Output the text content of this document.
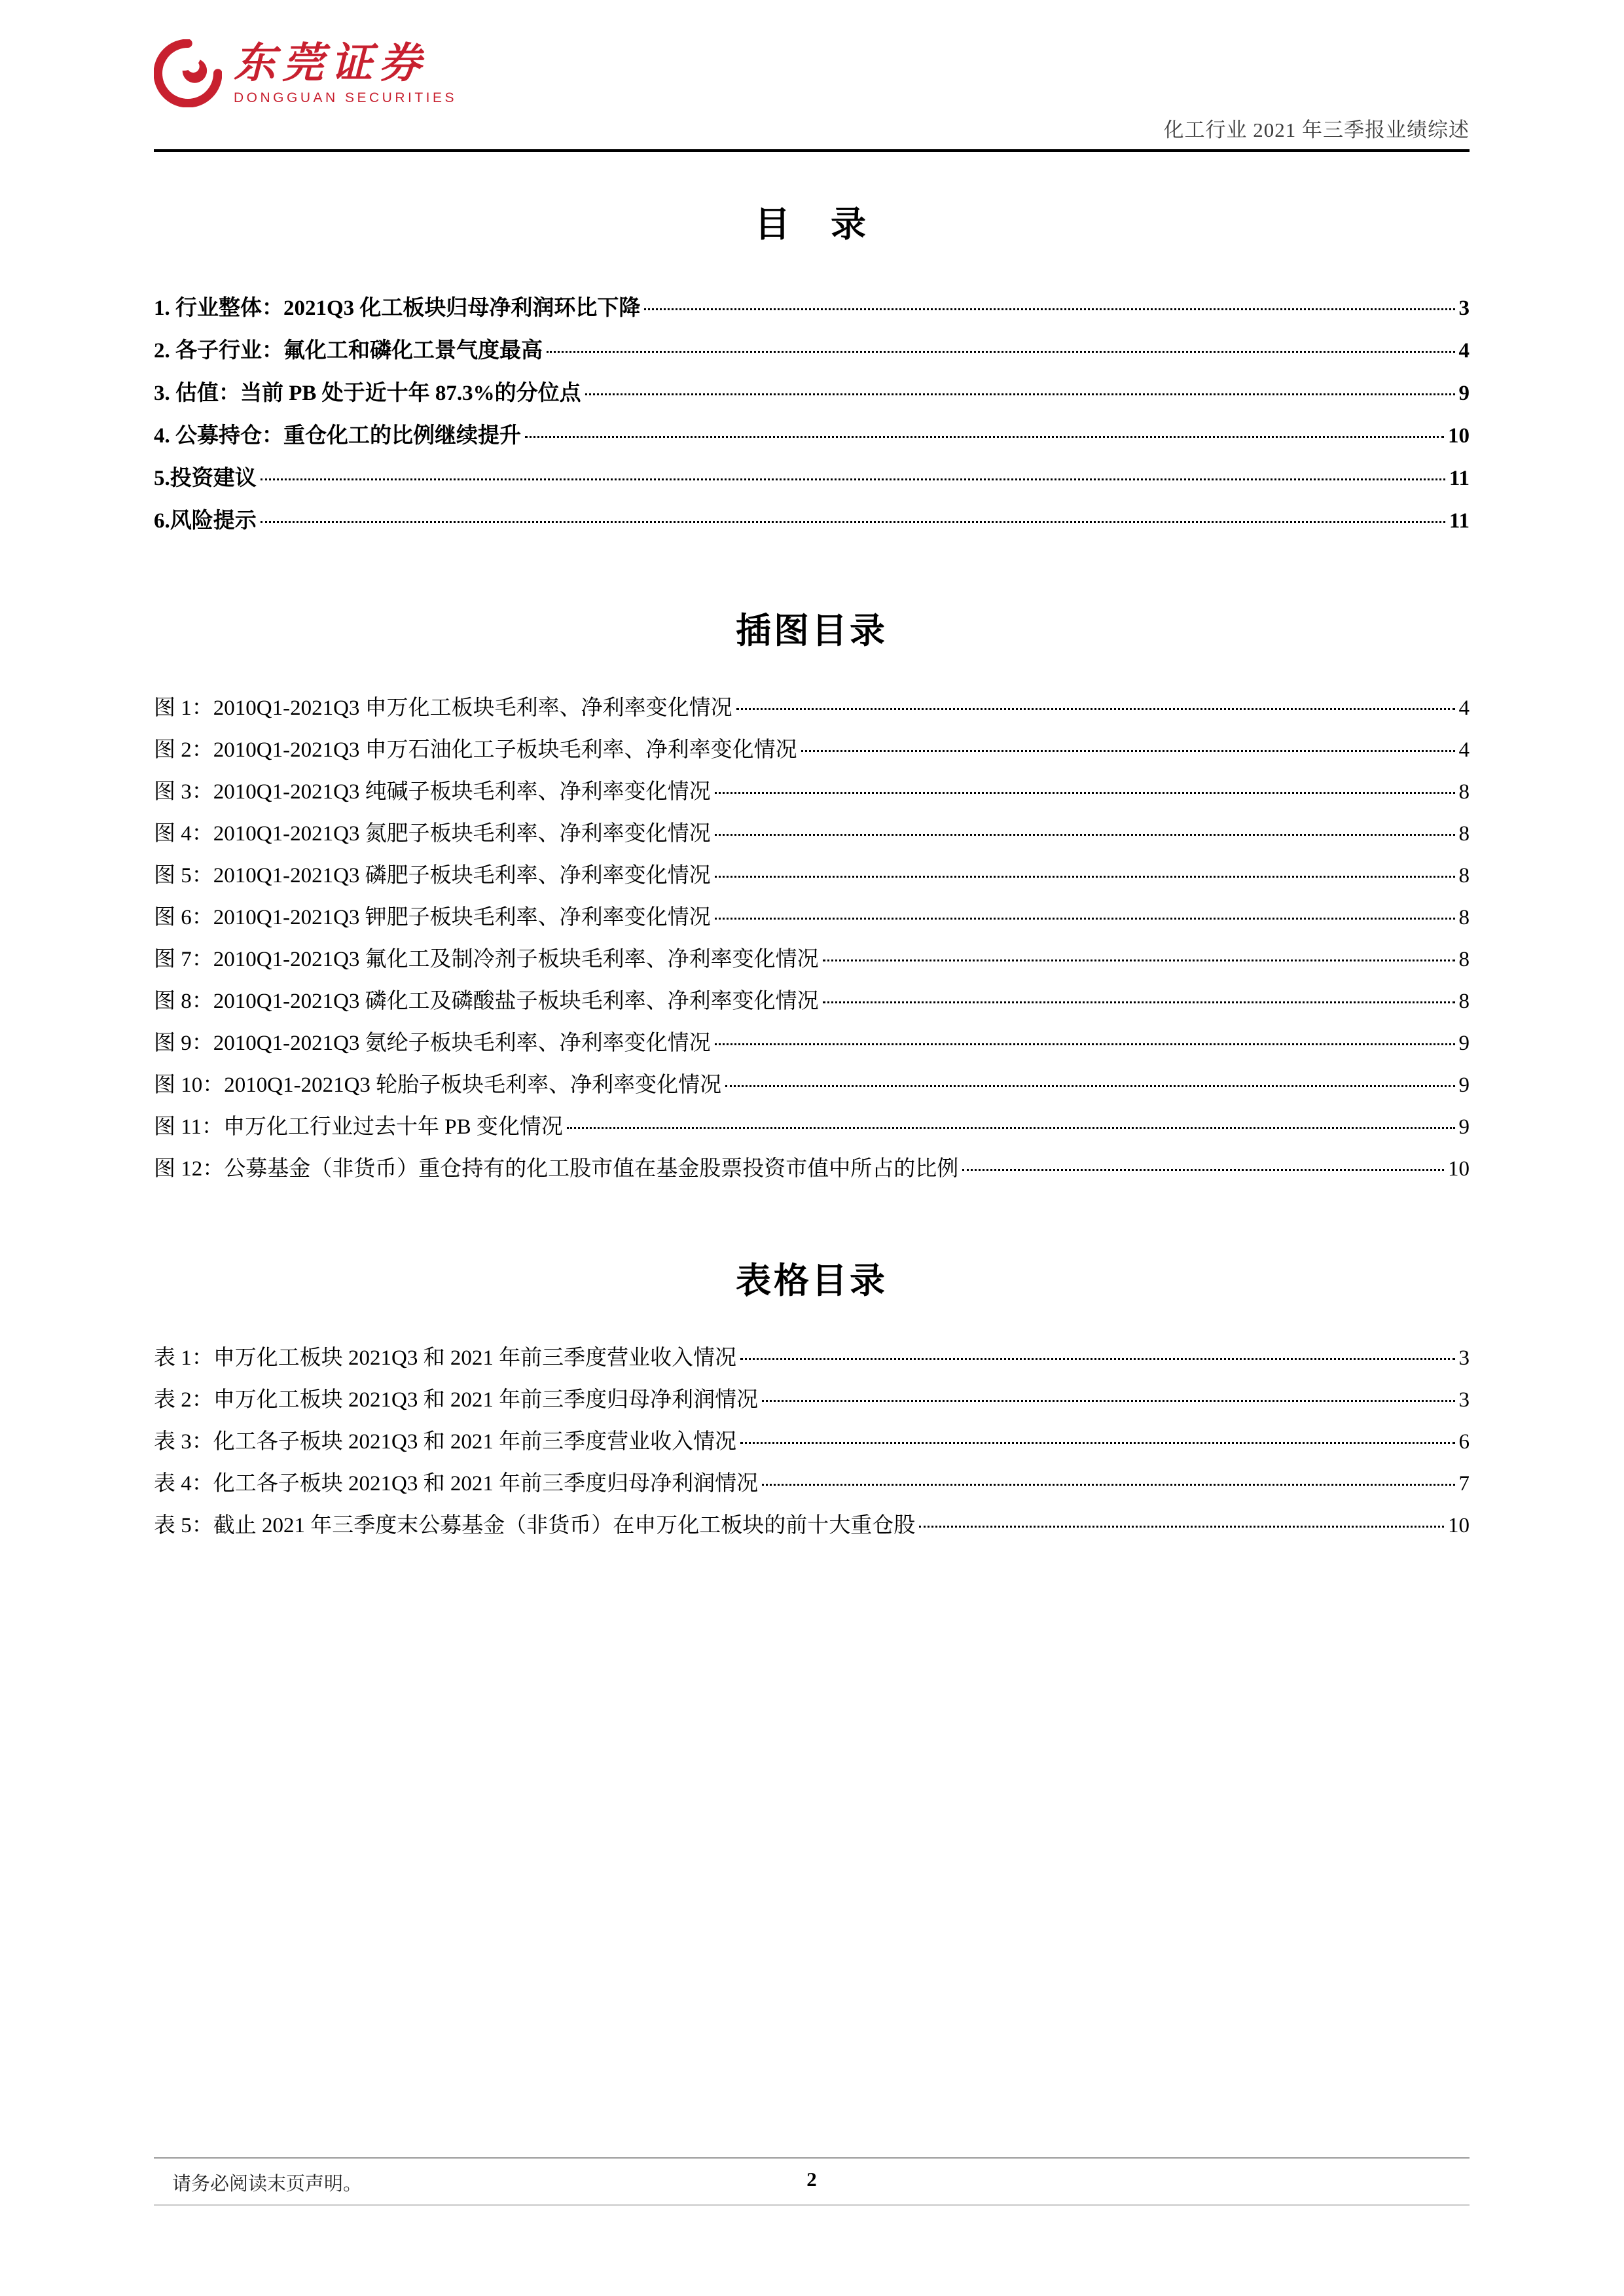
东莞证券
DONGGUAN SECURITIES
化工行业 2021 年三季报业绩综述
目　录
1. 行业整体：2021Q3 化工板块归母净利润环比下降	3
2. 各子行业：氟化工和磷化工景气度最高	4
3. 估值：当前 PB 处于近十年 87.3%的分位点	9
4. 公募持仓：重仓化工的比例继续提升	10
5.投资建议	11
6.风险提示	11
插图目录
图 1：2010Q1-2021Q3 申万化工板块毛利率、净利率变化情况	4
图 2：2010Q1-2021Q3 申万石油化工子板块毛利率、净利率变化情况	4
图 3：2010Q1-2021Q3 纯碱子板块毛利率、净利率变化情况	8
图 4：2010Q1-2021Q3 氮肥子板块毛利率、净利率变化情况	8
图 5：2010Q1-2021Q3 磷肥子板块毛利率、净利率变化情况	8
图 6：2010Q1-2021Q3 钾肥子板块毛利率、净利率变化情况	8
图 7：2010Q1-2021Q3 氟化工及制冷剂子板块毛利率、净利率变化情况	8
图 8：2010Q1-2021Q3 磷化工及磷酸盐子板块毛利率、净利率变化情况	8
图 9：2010Q1-2021Q3 氨纶子板块毛利率、净利率变化情况	9
图 10：2010Q1-2021Q3 轮胎子板块毛利率、净利率变化情况	9
图 11：申万化工行业过去十年 PB 变化情况	9
图 12：公募基金（非货币）重仓持有的化工股市值在基金股票投资市值中所占的比例	10
表格目录
表 1：申万化工板块 2021Q3 和 2021 年前三季度营业收入情况	3
表 2：申万化工板块 2021Q3 和 2021 年前三季度归母净利润情况	3
表 3：化工各子板块 2021Q3 和 2021 年前三季度营业收入情况	6
表 4：化工各子板块 2021Q3 和 2021 年前三季度归母净利润情况	7
表 5：截止 2021 年三季度末公募基金（非货币）在申万化工板块的前十大重仓股	10
请务必阅读末页声明。	2
